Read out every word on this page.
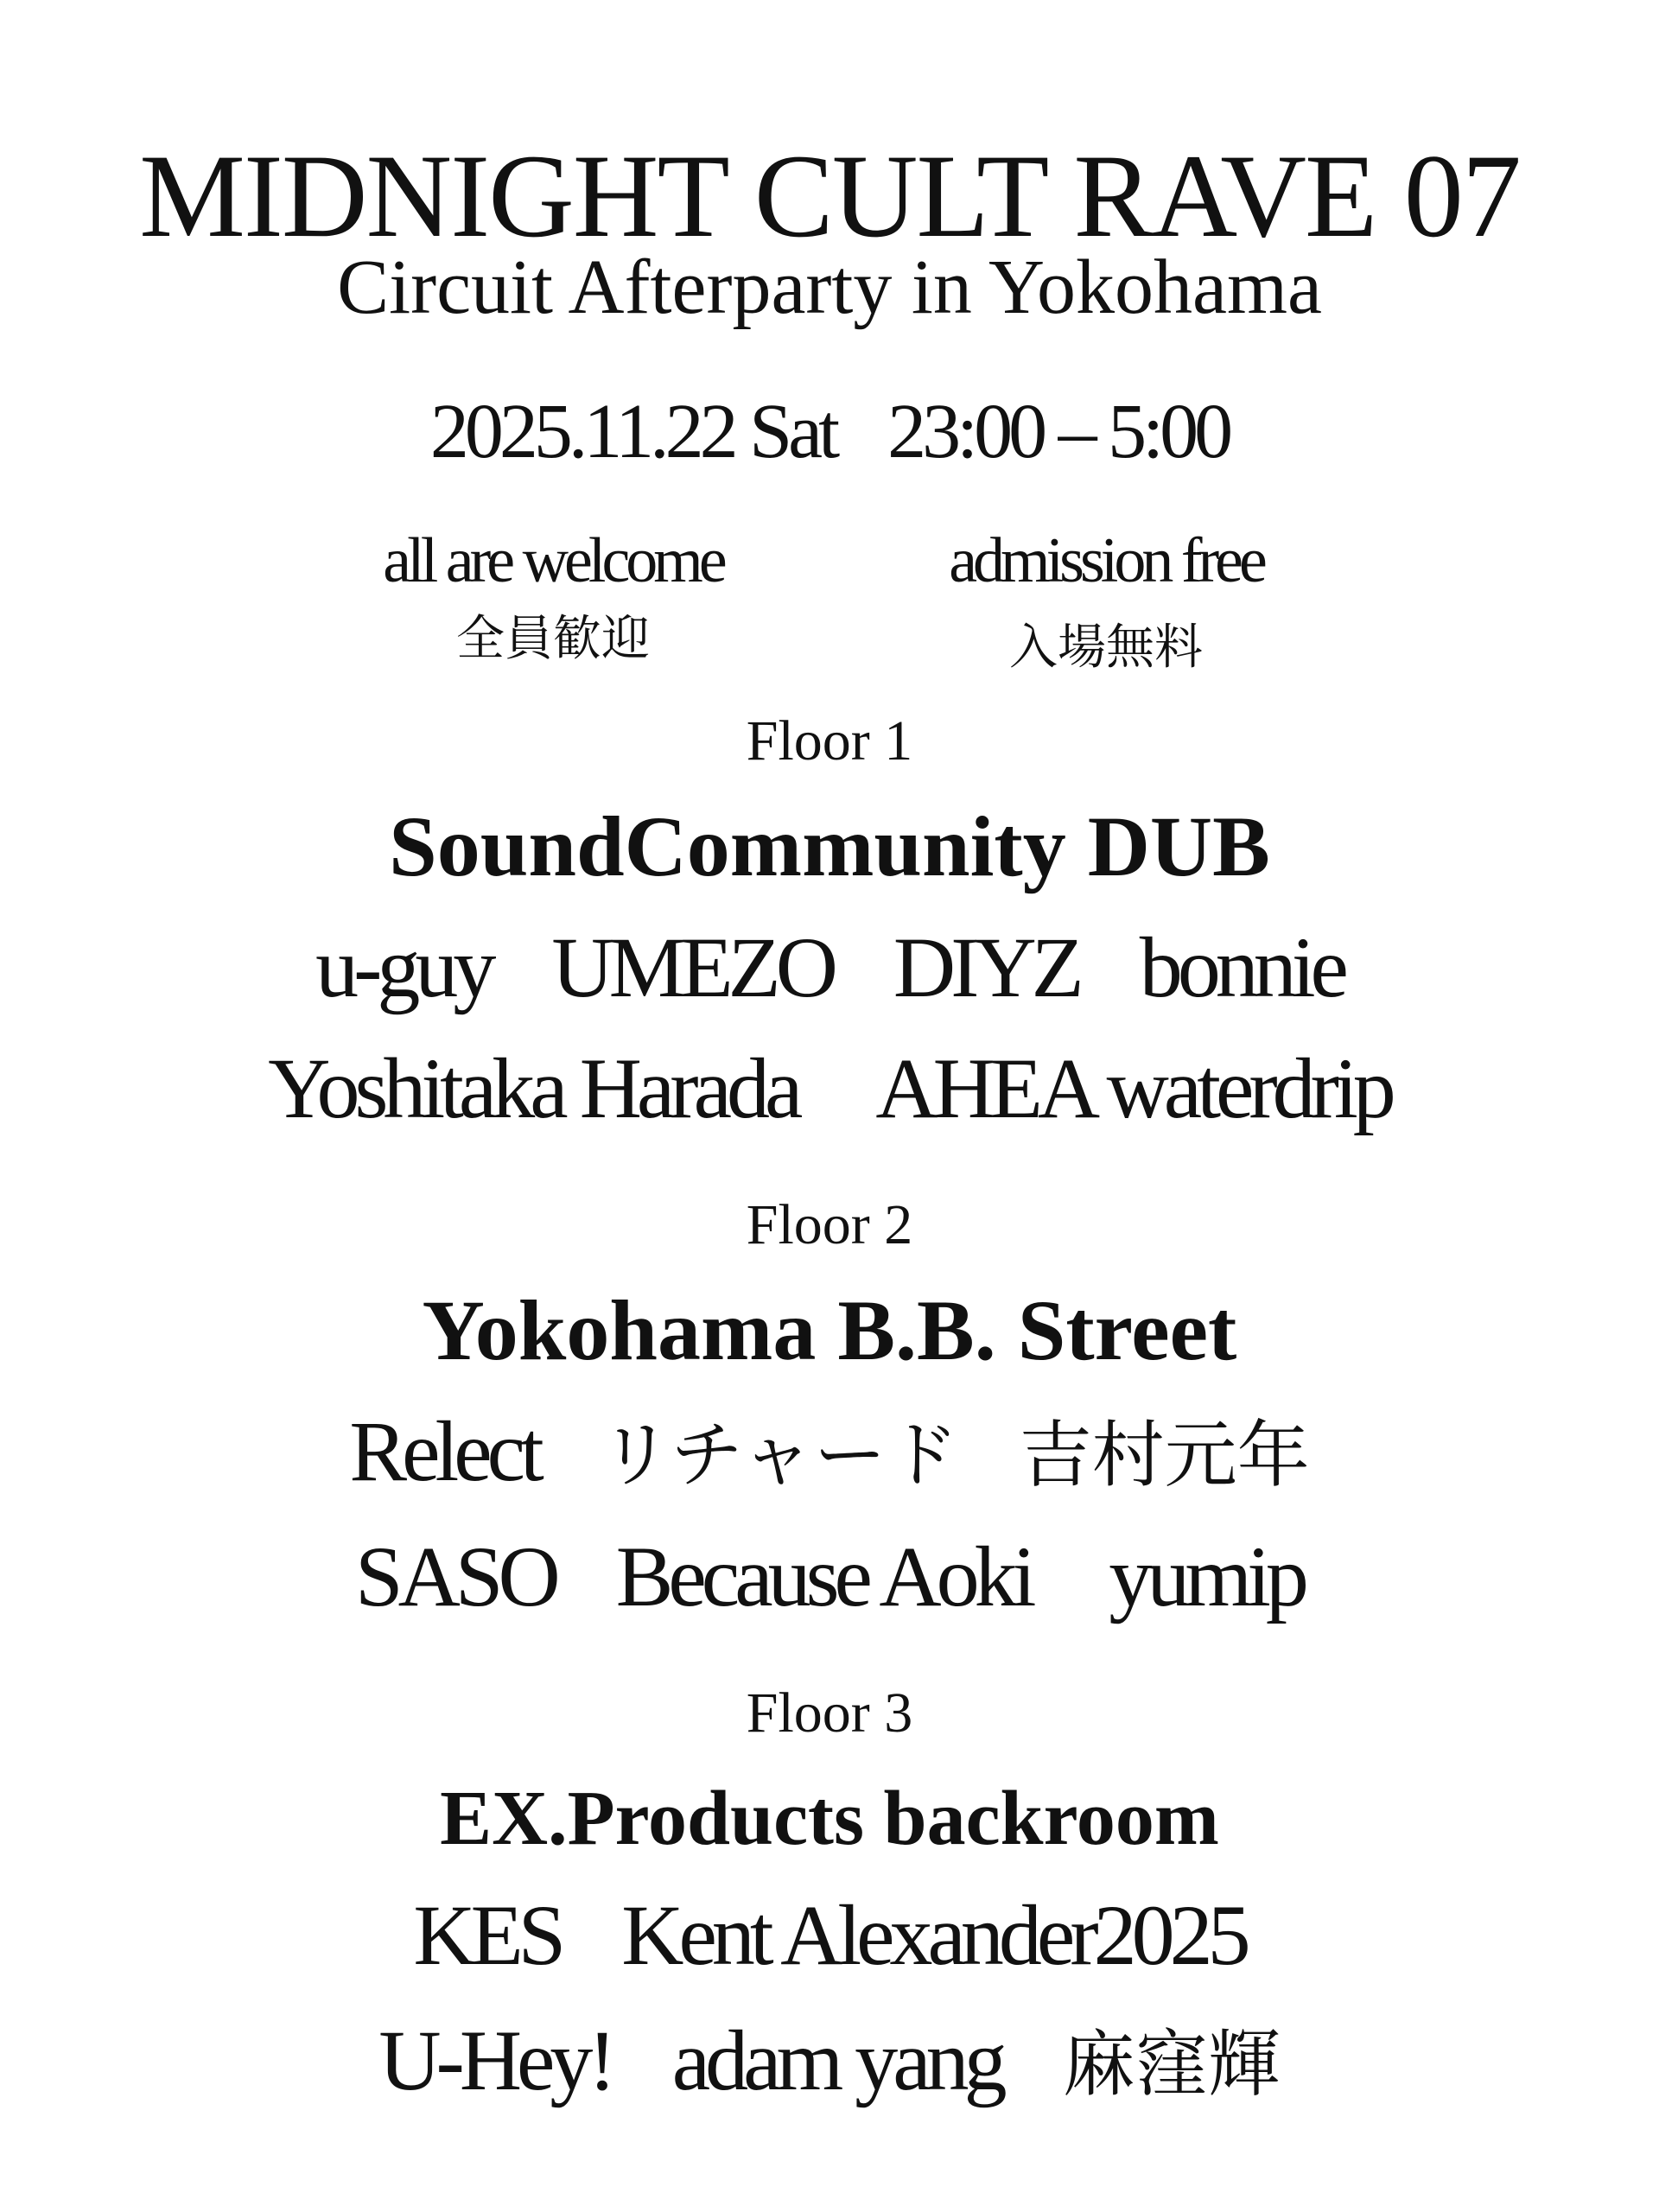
MIDNIGHT CULT RAVE 07
Circuit Afterparty in Yokohama
2025.11.22 Sat 23:00 – 5:00
all are welcome
全員歓迎
admission free
入場無料
Floor 1
SoundCommunity DUB
u-guy UMEZO DIYZ bonnie
Yoshitaka Harada AHEA waterdrip
Floor 2
Yokohama B.B. Street
Relect リチャード 吉村元年
SASO Because Aoki yumip
Floor 3
EX.Products backroom
KES Kent Alexander2025
U-Hey! adam yang 麻窪輝
